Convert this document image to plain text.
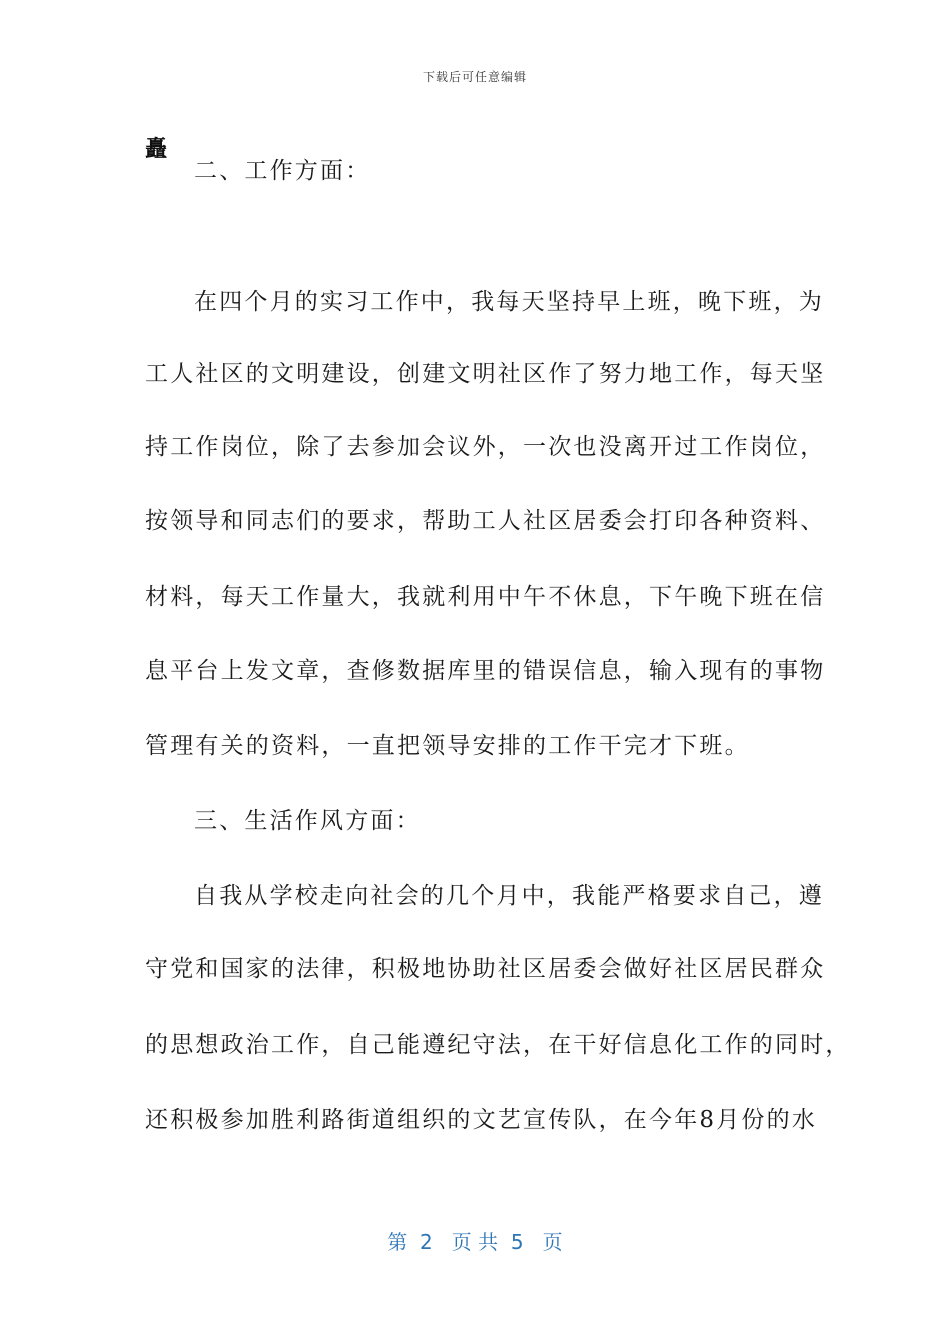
下载后可任意编辑
矗
二、工作方面：
在四个月的实习工作中，我每天坚持早上班，晚下班，为
工人社区的文明建设，创建文明社区作了努力地工作，每天坚
持工作岗位，除了去参加会议外，一次也没离开过工作岗位，
按领导和同志们的要求，帮助工人社区居委会打印各种资料、
材料，每天工作量大，我就利用中午不休息，下午晚下班在信
息平台上发文章，查修数据库里的错误信息，输入现有的事物
管理有关的资料，一直把领导安排的工作干完才下班。
三、生活作风方面：
自我从学校走向社会的几个月中，我能严格要求自己，遵
守党和国家的法律，积极地协助社区居委会做好社区居民群众
的思想政治工作，自己能遵纪守法，在干好信息化工作的同时，
还积极参加胜利路街道组织的文艺宣传队，在今年8月份的水
第  2   页 共  5   页
